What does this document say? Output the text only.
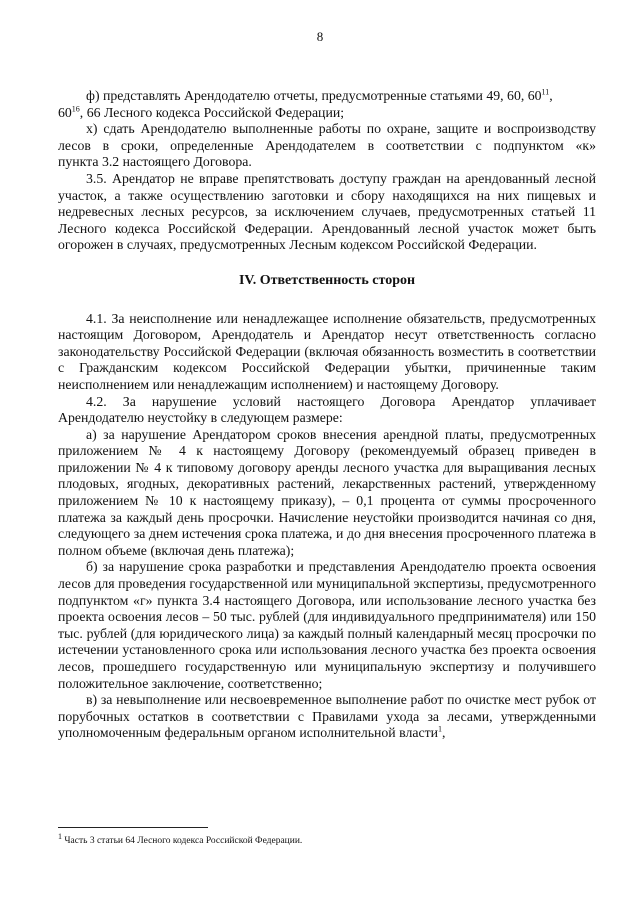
8

ф) представлять Арендодателю отчеты, предусмотренные статьями 49, 60, $60^{11}$,
$60^{16}$, 66 Лесного кодекса Российской Федерации;

х) сдать Арендодателю выполненные работы по охране, защите и воспроизводству лесов в сроки, определенные Арендодателем в соответствии с подпунктом «к»

пункта 3.2 настоящего Договора.

3.5. Арендатор не вправе препятствовать доступу граждан на арендованный лесной участок, а также осуществлению заготовки и сбору находящихся на них пищевых и недревесных лесных ресурсов, за исключением случаев, предусмотренных статьей 11 Лесного кодекса Российской Федерации. Арендованный лесной участок может быть огорожен в случаях, предусмотренных Лесным кодексом Российской Федерации.

IV. Ответственность сторон

4.1. За неисполнение или ненадлежащее исполнение обязательств, предусмотренных настоящим Договором, Арендодатель и Арендатор несут ответственность согласно законодательству Российской Федерации (включая обязанность возместить в соответствии с Гражданским кодексом Российской Федерации убытки, причиненные таким неисполнением или ненадлежащим исполнением) и настоящему Договору.

4.2. За нарушение условий настоящего Договора Арендатор уплачивает Арендодателю неустойку в следующем размере:

а) за нарушение Арендатором сроков внесения арендной платы, предусмотренных приложением № 4 к настоящему Договору (рекомендуемый образец приведен в приложении № 4 к типовому договору аренды лесного участка для выращивания лесных плодовых, ягодных, декоративных растений, лекарственных растений, утвержденному приложением № 10 к настоящему приказу), – 0,1 процента от суммы просроченного платежа за каждый день просрочки. Начисление неустойки производится начиная со дня, следующего за днем истечения срока платежа, и до дня внесения просроченного платежа в полном объеме (включая день платежа);

б) за нарушение срока разработки и представления Арендодателю проекта освоения лесов для проведения государственной или муниципальной экспертизы, предусмотренного подпунктом «г» пункта 3.4 настоящего Договора, или использование лесного участка без проекта освоения лесов – 50 тыс. рублей (для индивидуального предпринимателя) или 150 тыс. рублей (для юридического лица) за каждый полный календарный месяц просрочки по истечении установленного срока или использования лесного участка без проекта освоения лесов, прошедшего государственную или муниципальную экспертизу и получившего положительное заключение, соответственно;

в) за невыполнение или несвоевременное выполнение работ по очистке мест рубок от порубочных остатков в соответствии с Правилами ухода за лесами, утвержденными уполномоченным федеральным органом исполнительной власти$^1$,

$^1$ Часть 3 статьи 64 Лесного кодекса Российской Федерации.
